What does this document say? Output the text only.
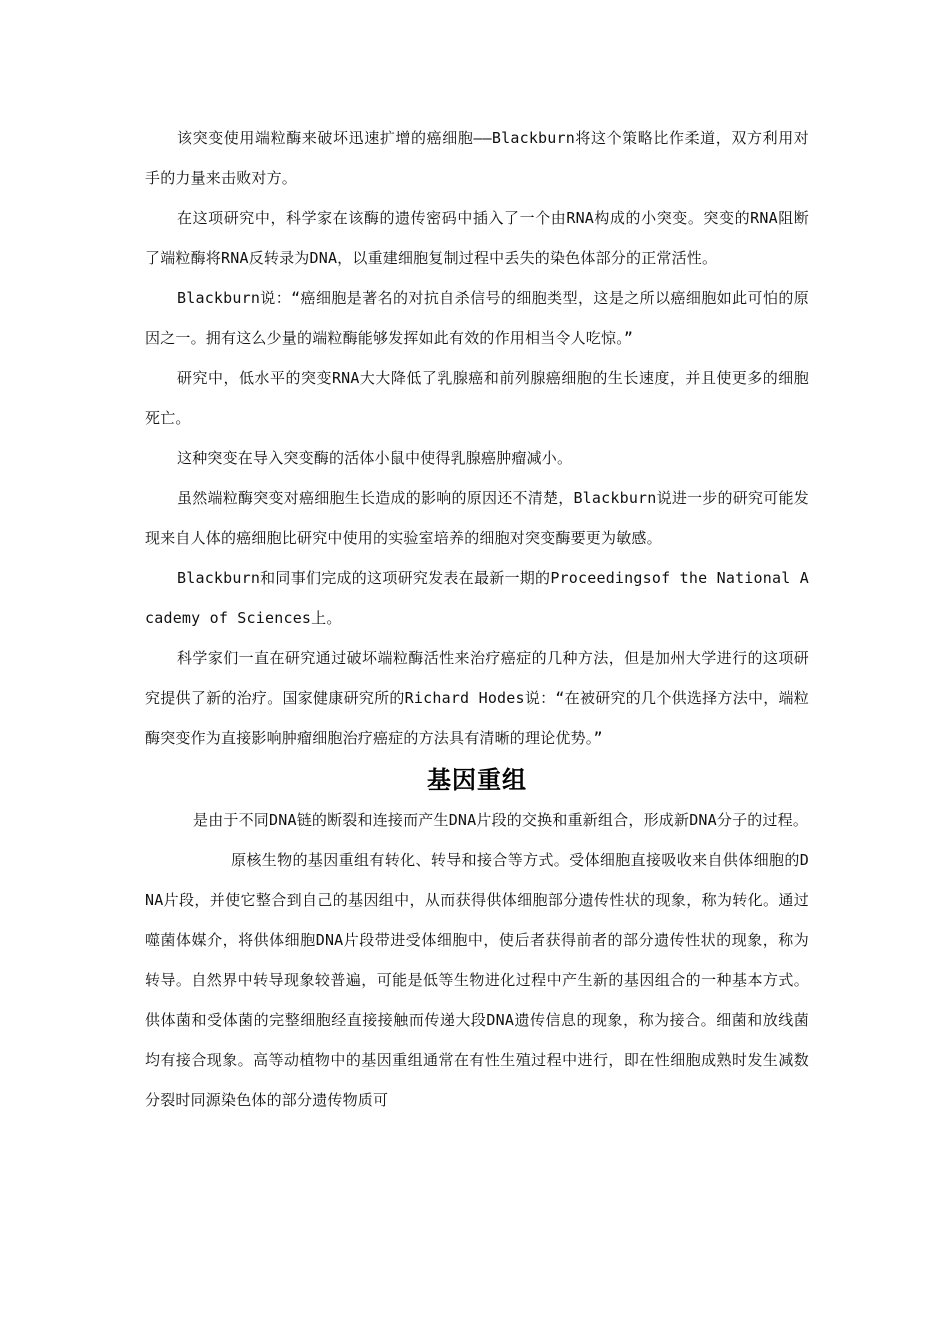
该突变使用端粒酶来破坏迅速扩增的癌细胞——Blackburn将这个策略比作柔道，双方利用对手的力量来击败对方。

在这项研究中，科学家在该酶的遗传密码中插入了一个由RNA构成的小突变。突变的RNA阻断了端粒酶将RNA反转录为DNA，以重建细胞复制过程中丢失的染色体部分的正常活性。

Blackburn说：“癌细胞是著名的对抗自杀信号的细胞类型，这是之所以癌细胞如此可怕的原因之一。拥有这么少量的端粒酶能够发挥如此有效的作用相当令人吃惊。”

研究中，低水平的突变RNA大大降低了乳腺癌和前列腺癌细胞的生长速度，并且使更多的细胞死亡。

这种突变在导入突变酶的活体小鼠中使得乳腺癌肿瘤减小。

虽然端粒酶突变对癌细胞生长造成的影响的原因还不清楚，Blackburn说进一步的研究可能发现来自人体的癌细胞比研究中使用的实验室培养的细胞对突变酶要更为敏感。

Blackburn和同事们完成的这项研究发表在最新一期的Proceedingsof the National Academy of Sciences上。

科学家们一直在研究通过破坏端粒酶活性来治疗癌症的几种方法，但是加州大学进行的这项研究提供了新的治疗。国家健康研究所的Richard Hodes说：“在被研究的几个供选择方法中，端粒酶突变作为直接影响肿瘤细胞治疗癌症的方法具有清晰的理论优势。”

基因重组

是由于不同DNA链的断裂和连接而产生DNA片段的交换和重新组合，形成新DNA分子的过程。

原核生物的基因重组有转化、转导和接合等方式。受体细胞直接吸收来自供体细胞的DNA片段，并使它整合到自己的基因组中，从而获得供体细胞部分遗传性状的现象，称为转化。通过噬菌体媒介，将供体细胞DNA片段带进受体细胞中，使后者获得前者的部分遗传性状的现象，称为转导。自然界中转导现象较普遍，可能是低等生物进化过程中产生新的基因组合的一种基本方式。供体菌和受体菌的完整细胞经直接接触而传递大段DNA遗传信息的现象，称为接合。细菌和放线菌均有接合现象。高等动植物中的基因重组通常在有性生殖过程中进行，即在性细胞成熟时发生减数分裂时同源染色体的部分遗传物质可
